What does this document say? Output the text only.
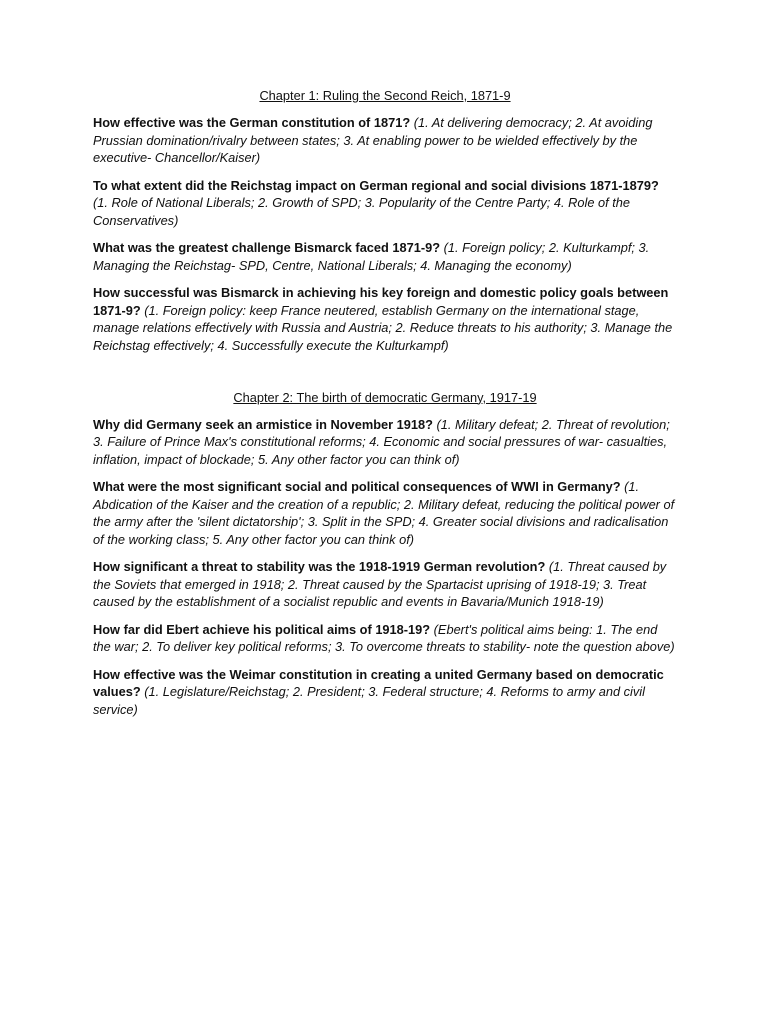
Chapter 1: Ruling the Second Reich, 1871-9

How effective was the German constitution of 1871? (1. At delivering democracy; 2. At avoiding Prussian domination/rivalry between states; 3. At enabling power to be wielded effectively by the executive- Chancellor/Kaiser)

To what extent did the Reichstag impact on German regional and social divisions 1871-1879? (1. Role of National Liberals; 2. Growth of SPD; 3. Popularity of the Centre Party; 4. Role of the Conservatives)

What was the greatest challenge Bismarck faced 1871-9? (1. Foreign policy; 2. Kulturkampf; 3. Managing the Reichstag- SPD, Centre, National Liberals; 4. Managing the economy)

How successful was Bismarck in achieving his key foreign and domestic policy goals between 1871-9? (1. Foreign policy: keep France neutered, establish Germany on the international stage, manage relations effectively with Russia and Austria; 2. Reduce threats to his authority; 3. Manage the Reichstag effectively; 4. Successfully execute the Kulturkampf)

Chapter 2: The birth of democratic Germany, 1917-19

Why did Germany seek an armistice in November 1918? (1. Military defeat; 2. Threat of revolution; 3. Failure of Prince Max's constitutional reforms; 4. Economic and social pressures of war- casualties, inflation, impact of blockade; 5. Any other factor you can think of)

What were the most significant social and political consequences of WWI in Germany? (1. Abdication of the Kaiser and the creation of a republic; 2. Military defeat, reducing the political power of the army after the 'silent dictatorship'; 3. Split in the SPD; 4. Greater social divisions and radicalisation of the working class; 5. Any other factor you can think of)

How significant a threat to stability was the 1918-1919 German revolution? (1. Threat caused by the Soviets that emerged in 1918; 2. Threat caused by the Spartacist uprising of 1918-19; 3. Treat caused by the establishment of a socialist republic and events in Bavaria/Munich 1918-19)

How far did Ebert achieve his political aims of 1918-19? (Ebert's political aims being: 1. The end the war; 2. To deliver key political reforms; 3. To overcome threats to stability- note the question above)

How effective was the Weimar constitution in creating a united Germany based on democratic values? (1. Legislature/Reichstag; 2. President; 3. Federal structure; 4. Reforms to army and civil service)
